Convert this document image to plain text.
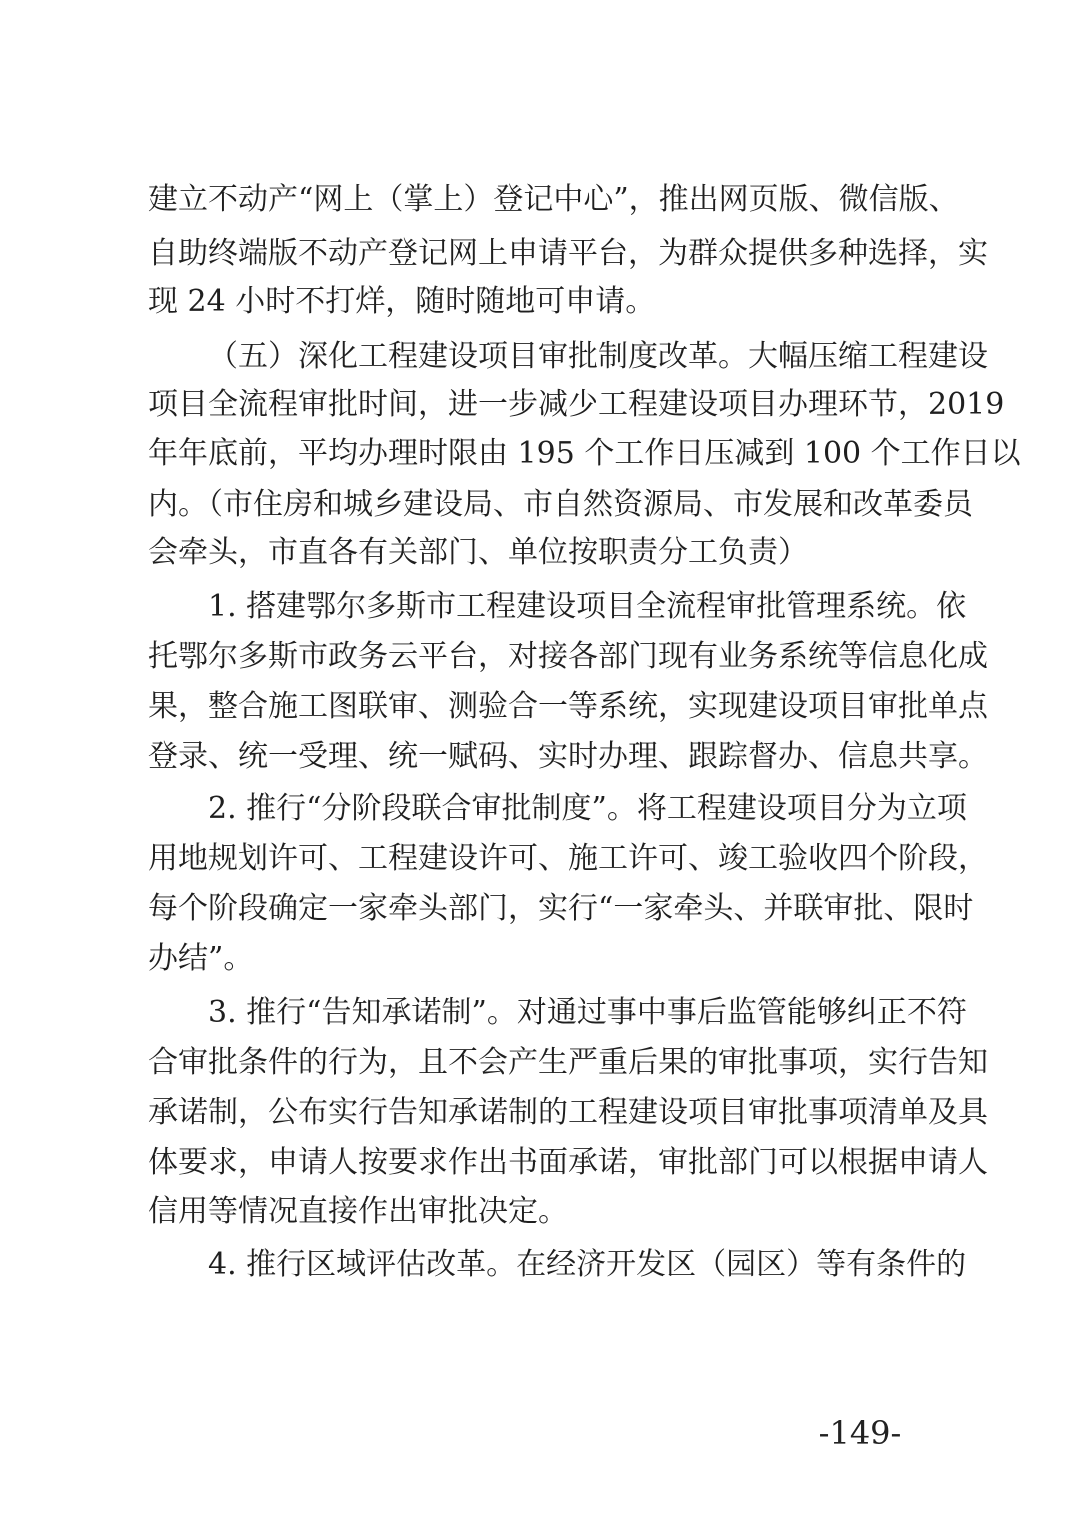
建立不动产“网上（掌上）登记中心”，推出网页版、微信版、
自助终端版不动产登记网上申请平台，为群众提供多种选择，实
现 24 小时不打烊，随时随地可申请。
（五）深化工程建设项目审批制度改革。大幅压缩工程建设
项目全流程审批时间，进一步减少工程建设项目办理环节，2019
年年底前，平均办理时限由 195 个工作日压减到 100 个工作日以
内。（市住房和城乡建设局、市自然资源局、市发展和改革委员
会牵头，市直各有关部门、单位按职责分工负责）
1. 搭建鄂尔多斯市工程建设项目全流程审批管理系统。依
托鄂尔多斯市政务云平台，对接各部门现有业务系统等信息化成
果，整合施工图联审、测验合一等系统，实现建设项目审批单点
登录、统一受理、统一赋码、实时办理、跟踪督办、信息共享。
2. 推行“分阶段联合审批制度”。将工程建设项目分为立项
用地规划许可、工程建设许可、施工许可、竣工验收四个阶段，
每个阶段确定一家牵头部门，实行“一家牵头、并联审批、限时
办结”。
3. 推行“告知承诺制”。对通过事中事后监管能够纠正不符
合审批条件的行为，且不会产生严重后果的审批事项，实行告知
承诺制，公布实行告知承诺制的工程建设项目审批事项清单及具
体要求，申请人按要求作出书面承诺，审批部门可以根据申请人
信用等情况直接作出审批决定。
4. 推行区域评估改革。在经济开发区（园区）等有条件的
-149-
